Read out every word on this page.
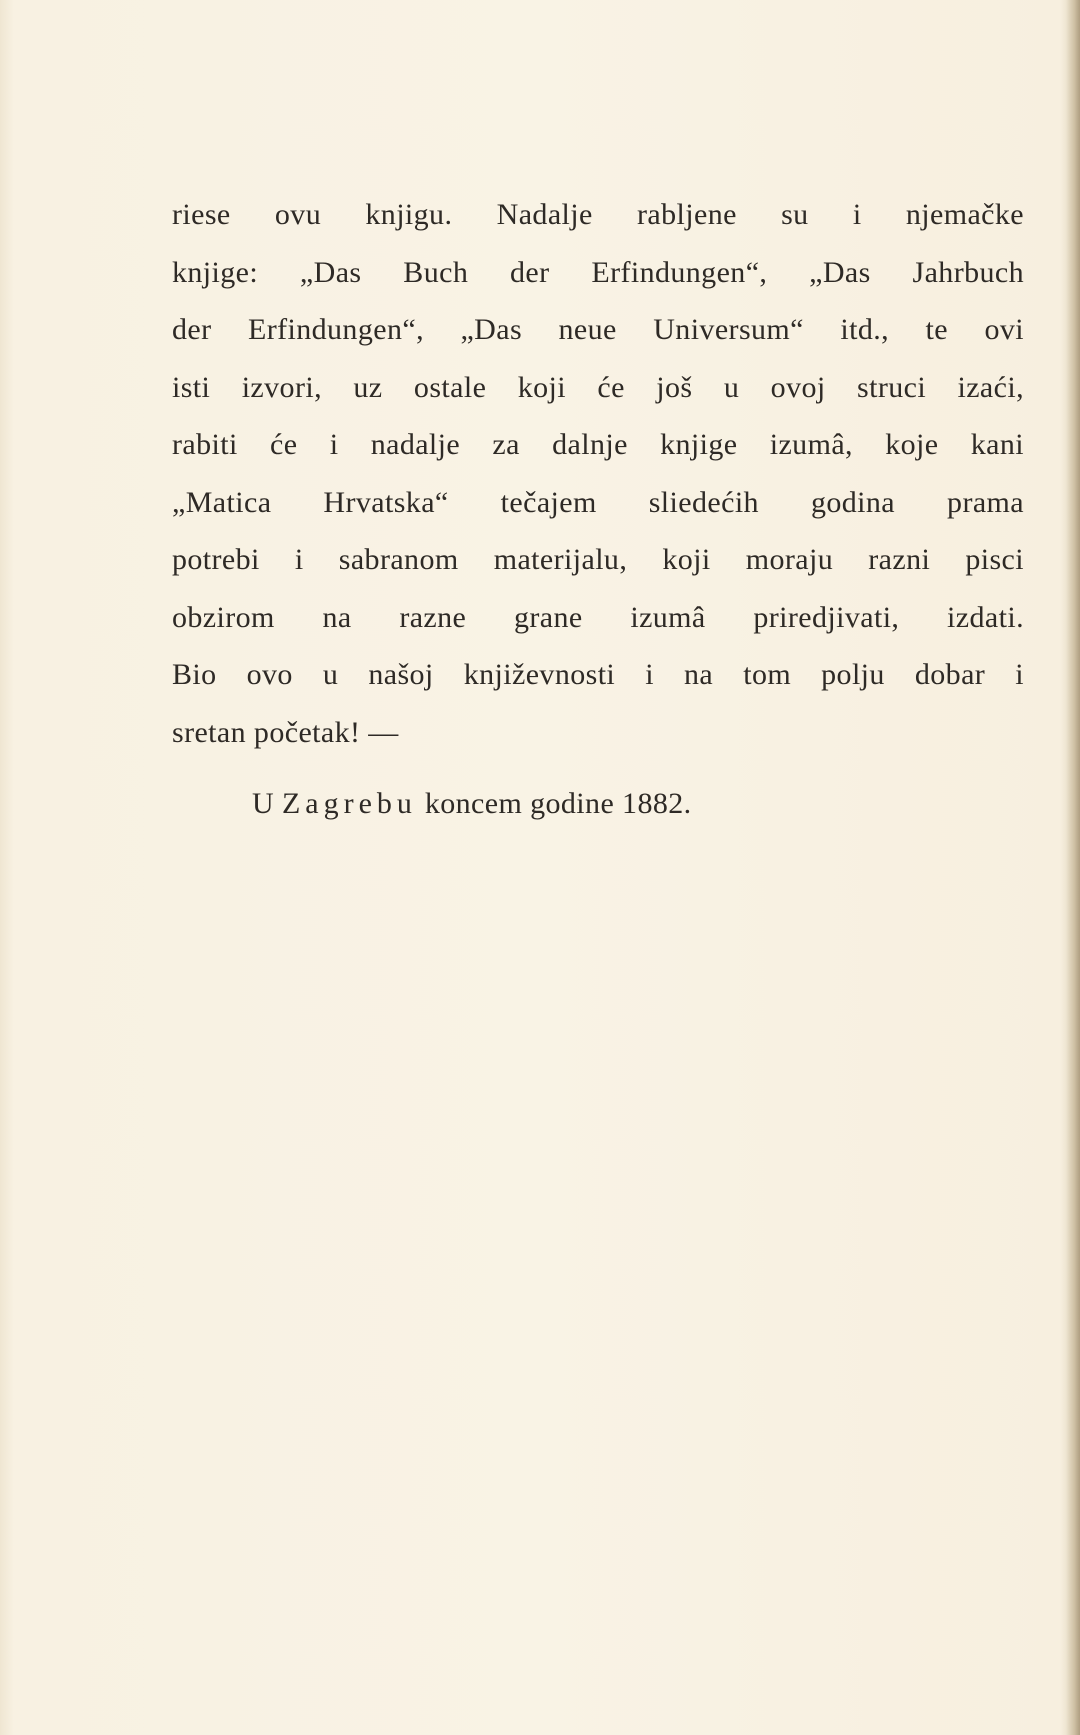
riese ovu knjigu. Nadalje rabljene su i njemačke
knjige: „Das Buch der Erfindungen“, „Das Jahrbuch
der Erfindungen“, „Das neue Universum“ itd., te ovi
isti izvori, uz ostale koji će još u ovoj struci izaći,
rabiti će i nadalje za dalnje knjige izumâ, koje kani
„Matica Hrvatska“ tečajem sliedećih godina prama
potrebi i sabranom materijalu, koji moraju razni pisci
obzirom na razne grane izumâ priredjivati, izdati.
Bio ovo u našoj književnosti i na tom polju dobar i
sretan početak! —
U Zagrebu koncem godine 1882.
